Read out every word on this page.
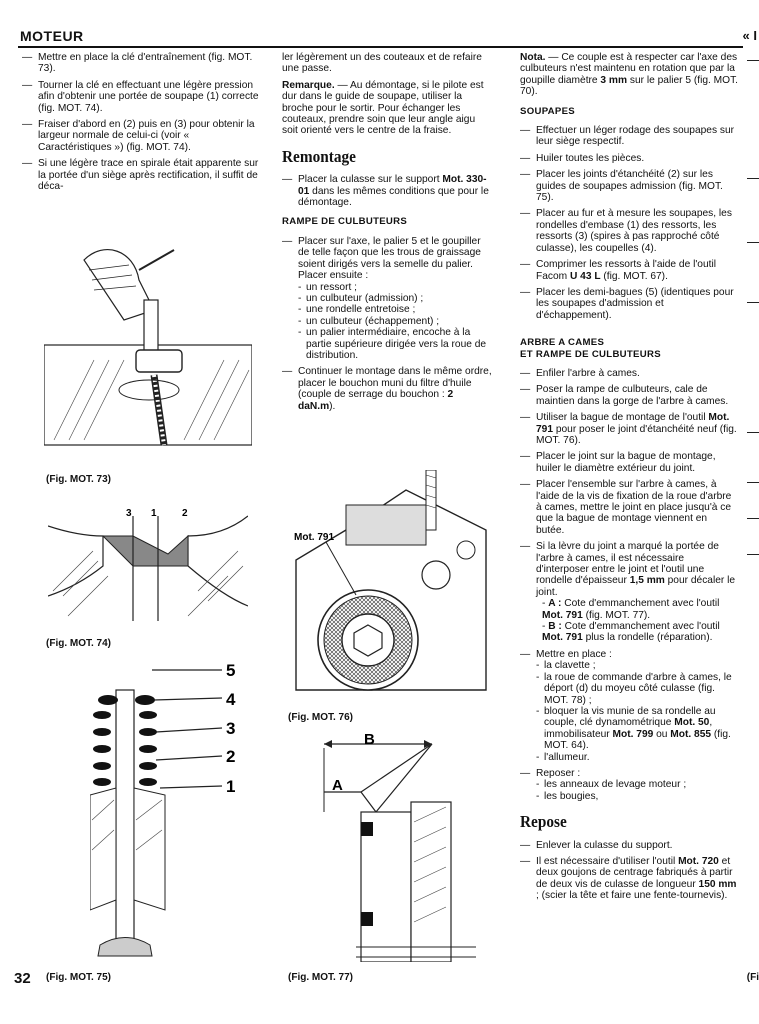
MOTEUR	« I
— Mettre en place la clé d'entraînement (fig. MOT. 73).
— Tourner la clé en effectuant une légère pression afin d'obtenir une portée de soupape (1) correcte (fig. MOT. 74).
— Fraiser d'abord en (2) puis en (3) pour obtenir la largeur normale de celui-ci (voir « Caractéristiques ») (fig. MOT. 74).
— Si une légère trace en spirale était apparente sur la portée d'un siège après rectification, il suffit de déca-
(Fig. MOT. 73)
3 1	2
(Fig. MOT. 74)
5
4
3
2
1
32 (Fig. MOT. 75)
ler légèrement un des couteaux et de refaire une passe.
Remarque. — Au démontage, si le pilote est dur dans le guide de soupape, utiliser la broche pour le sortir. Pour échanger les couteaux, prendre soin que leur angle aigu soit orienté vers le centre de la fraise.
Remontage
— Placer la culasse sur le support Mot. 330-01 dans les mêmes conditions que pour le démontage.
RAMPE DE CULBUTEURS
— Placer sur l'axe, le palier 5 et le goupiller de telle façon que les trous de graissage soient dirigés vers la semelle du palier. Placer ensuite :
- un ressort ;
- un culbuteur (admission) ;
- une rondelle entretoise ;
- un culbuteur (échappement) ;
- un palier intermédiaire, encoche à la partie supérieure dirigée vers la roue de distribution.
— Continuer le montage dans le même ordre, placer le bouchon muni du filtre d'huile (couple de serrage du bouchon : 2 daN.m).
Mot. 791
(Fig. MOT. 76)
B
A
(Fig. MOT. 77)
Nota. — Ce couple est à respecter car l'axe des culbuteurs n'est maintenu en rotation que par la goupille diamètre 3 mm sur le palier 5 (fig. MOT. 70).
SOUPAPES
— Effectuer un léger rodage des soupapes sur leur siège respectif.
— Huiler toutes les pièces.
— Placer les joints d'étanchéité (2) sur les guides de soupapes admission (fig. MOT. 75).
— Placer au fur et à mesure les soupapes, les rondelles d'embase (1) des ressorts, les ressorts (3) (spires à pas rapproché côté culasse), les coupelles (4).
— Comprimer les ressorts à l'aide de l'outil Facom U 43 L (fig. MOT. 67).
— Placer les demi-bagues (5) (identiques pour les soupapes d'admission et d'échappement).
ARBRE A CAMES
ET RAMPE DE CULBUTEURS
— Enfiler l'arbre à cames.
— Poser la rampe de culbuteurs, cale de maintien dans la gorge de l'arbre à cames.
— Utiliser la bague de montage de l'outil Mot. 791 pour poser le joint d'étanchéité neuf (fig. MOT. 76).
— Placer le joint sur la bague de montage, huiler le diamètre extérieur du joint.
— Placer l'ensemble sur l'arbre à cames, à l'aide de la vis de fixation de la roue d'arbre à cames, mettre le joint en place jusqu'à ce que la bague de montage viennent en butée.
— Si la lèvre du joint a marqué la portée de l'arbre à cames, il est nécessaire d'interposer entre le joint et l'outil une rondelle d'épaisseur 1,5 mm pour décaler le joint.
- A : Cote d'emmanchement avec l'outil Mot. 791 (fig. MOT. 77).
- B : Cote d'emmanchement avec l'outil Mot. 791 plus la rondelle (réparation).
— Mettre en place :
- la clavette ;
- la roue de commande d'arbre à cames, le déport (d) du moyeu côté culasse (fig. MOT. 78) ;
- bloquer la vis munie de sa rondelle au couple, clé dynamométrique Mot. 50, immobilisateur Mot. 799 ou Mot. 855 (fig. MOT. 64).
- l'allumeur.
— Reposer :
- les anneaux de levage moteur ;
- les bougies,
Repose
— Enlever la culasse du support.
— Il est nécessaire d'utiliser l'outil Mot. 720 et deux goujons de centrage fabriqués à partir de deux vis de culasse de longueur 150 mm ; (scier la tête et faire une fente-tournevis).
(Fi
